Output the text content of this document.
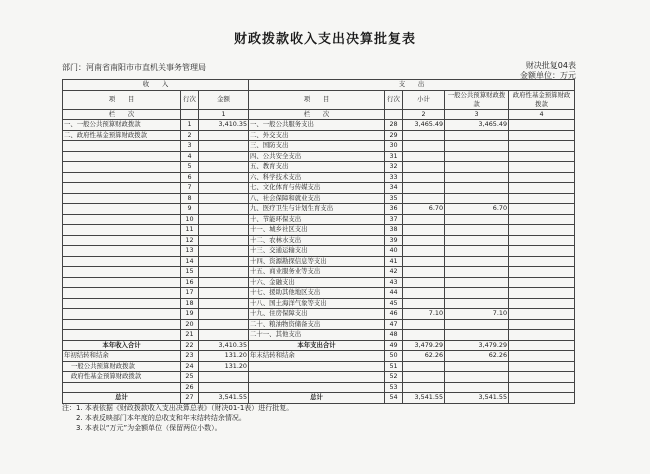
财政拨款收入支出决算批复表
部门：河南省南阳市市直机关事务管理局	财决批复04表
金额单位：万元
收　　入			支　　出				
项　　目	行次	金额	项　　目	行次	小计	一般公共预算财政拨款	政府性基金预算财政拨款
栏　　次		1	栏　　次		2	3	4
一、一般公共预算财政拨款	1	3,410.35	一、一般公共服务支出	28	3,465.49	3,465.49	
二、政府性基金预算财政拨款	2		二、外交支出	29			
	3		三、国防支出	30			
	4		四、公共安全支出	31			
	5		五、教育支出	32			
	6		六、科学技术支出	33			
	7		七、文化体育与传媒支出	34			
	8		八、社会保障和就业支出	35			
	9		九、医疗卫生与计划生育支出	36	6.70	6.70	
	10		十、节能环保支出	37			
	11		十一、城乡社区支出	38			
	12		十二、农林水支出	39			
	13		十三、交通运输支出	40			
	14		十四、资源勘探信息等支出	41			
	15		十五、商业服务业等支出	42			
	16		十六、金融支出	43			
	17		十七、援助其他地区支出	44			
	18		十八、国土海洋气象等支出	45			
	19		十九、住房保障支出	46	7.10	7.10	
	20		二十、粮油物资储备支出	47			
	21		二十一、其他支出	48			
本年收入合计	22	3,410.35	本年支出合计	49	3,479.29	3,479.29	
年初结转和结余	23	131.20	年末结转和结余	50	62.26	62.26	
一般公共预算财政拨款	24	131.20		51			
政府性基金预算财政拨款	25			52			
	26			53			
总计	27	3,541.55	总计	54	3,541.55	3,541.55	
注：1. 本表依据《财政拨款收入支出决算总表》（财决01-1表）进行批复。
2. 本表反映部门本年度的总收支和年末结转结余情况。
3. 本表以“万元”为金额单位（保留两位小数）。
